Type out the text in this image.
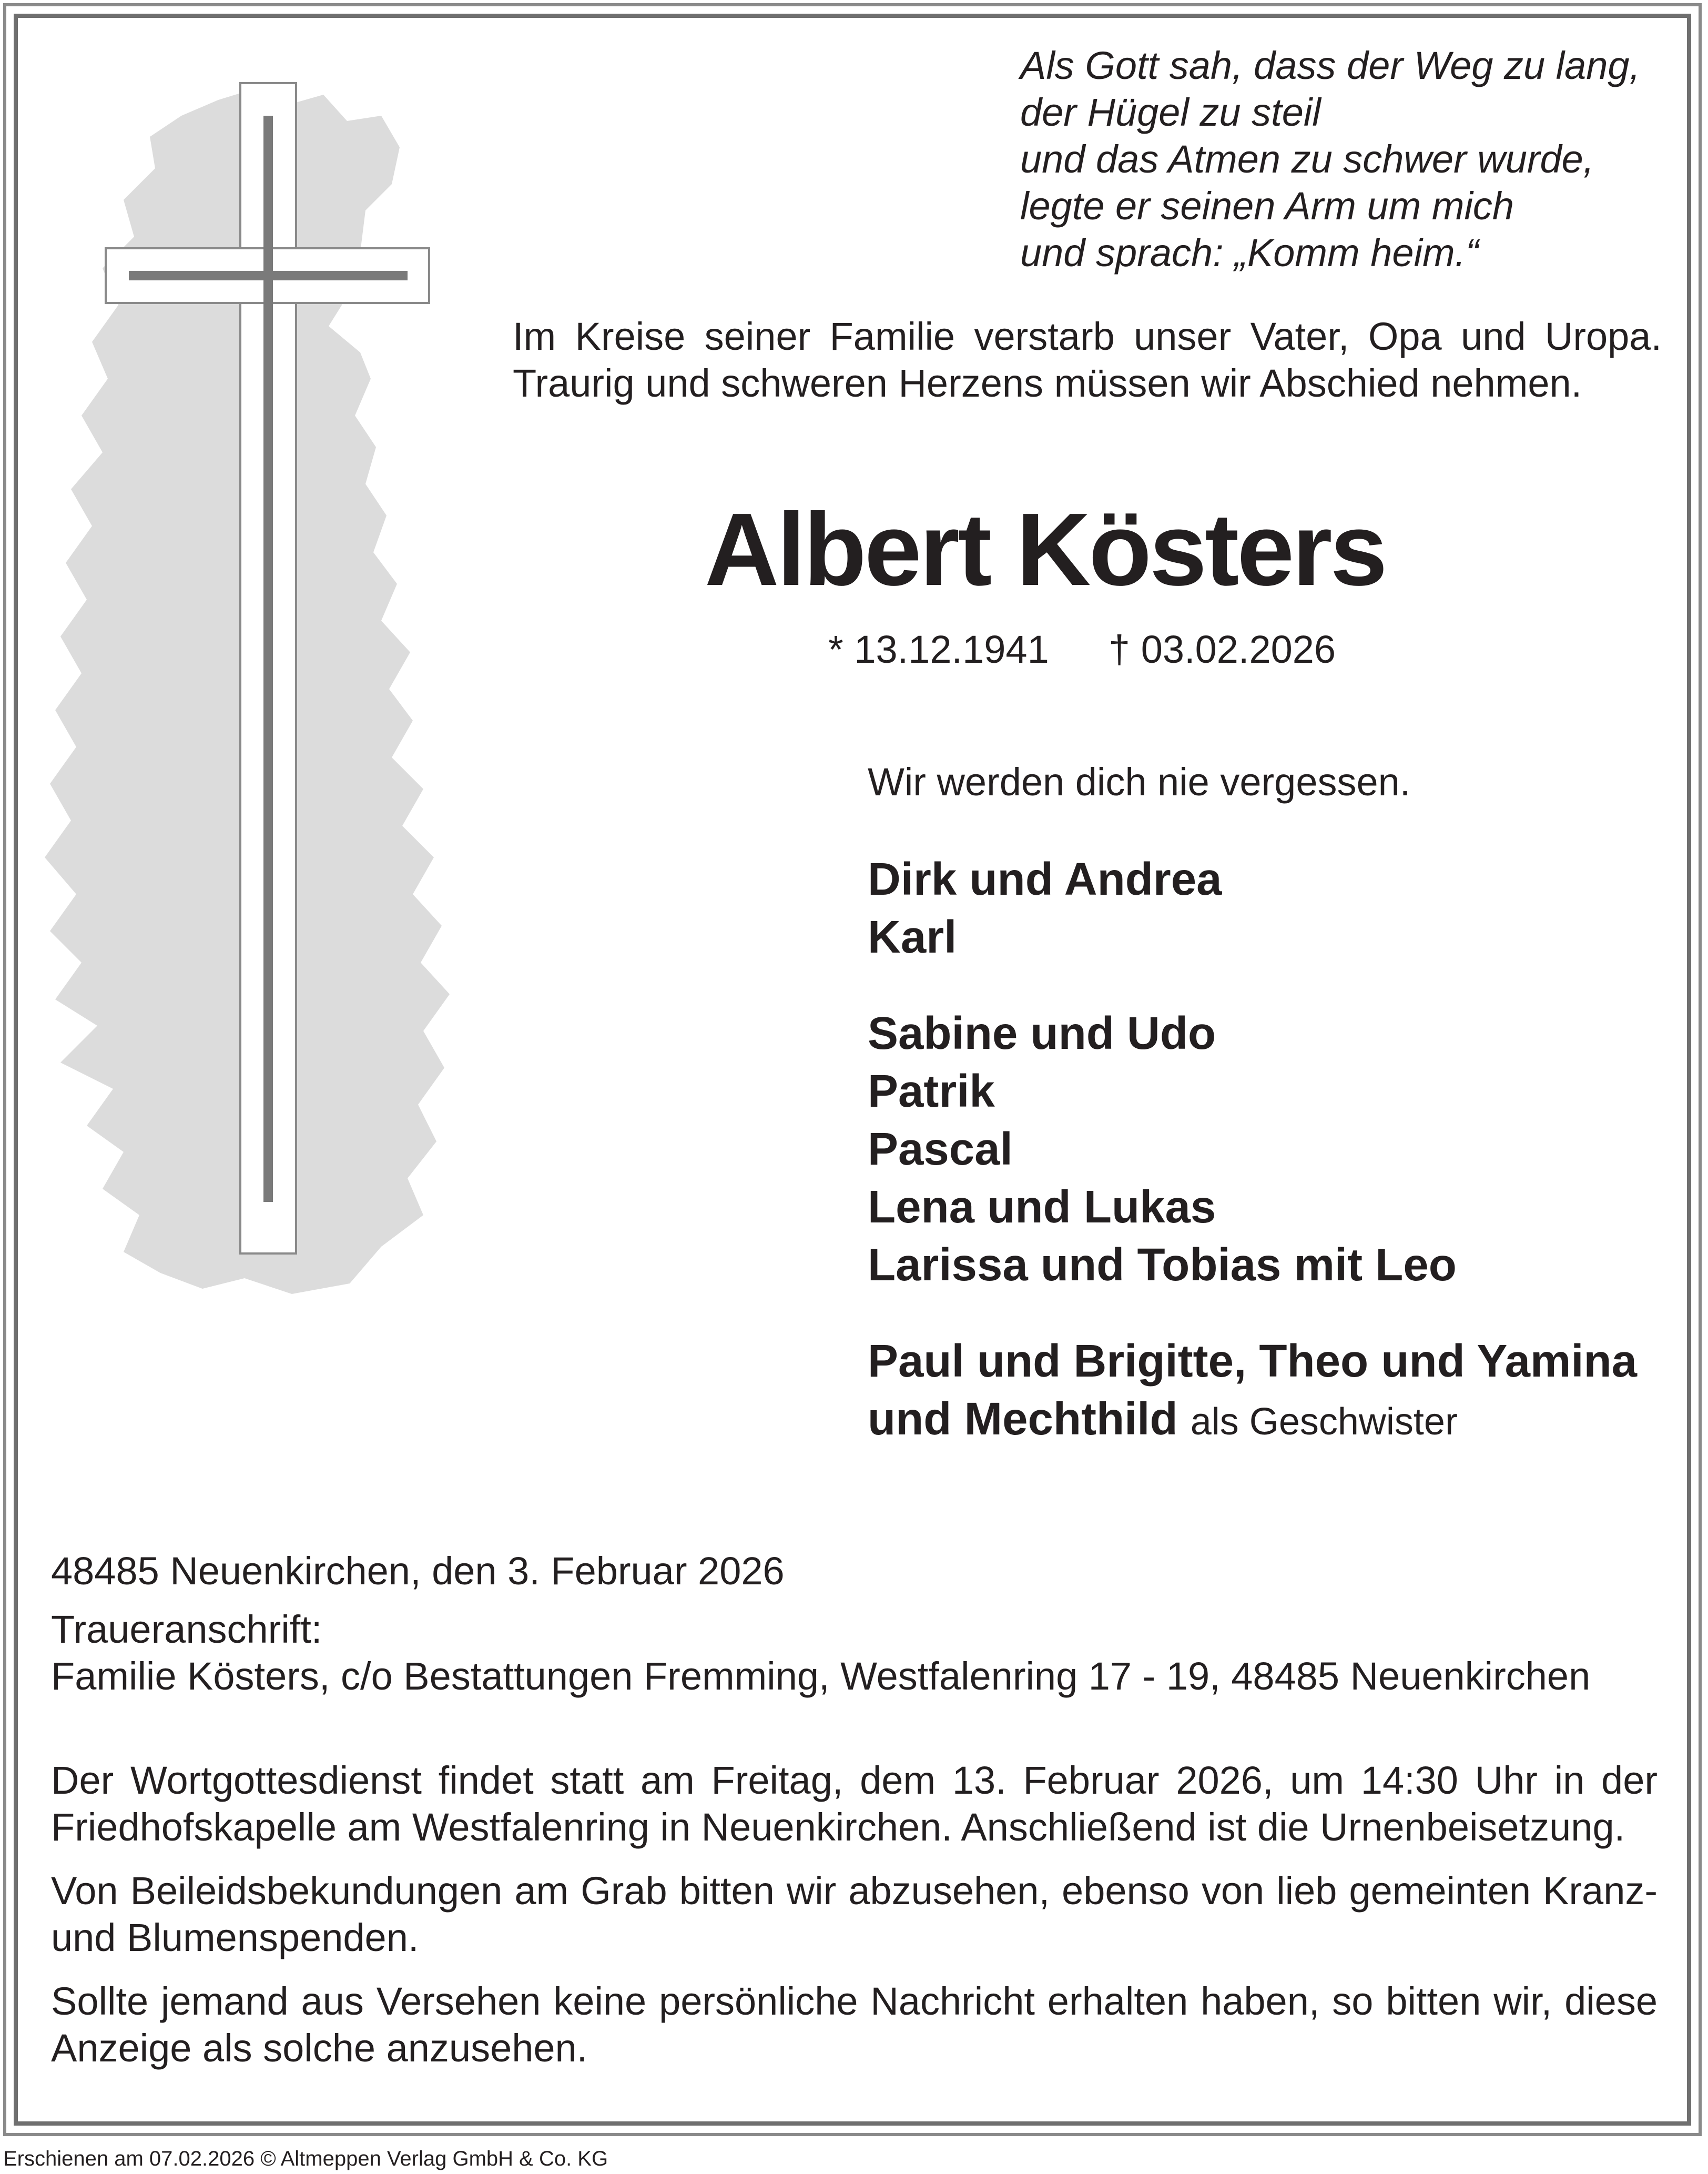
Als Gott sah, dass der Weg zu lang,
der Hügel zu steil
und das Atmen zu schwer wurde,
legte er seinen Arm um mich
und sprach: „Komm heim.“
Im Kreise seiner Familie verstarb unser Vater, Opa und Uropa.
Traurig und schweren Herzens müssen wir Abschied nehmen.
Albert Kösters
* 13.12.1941 † 03.02.2026
Wir werden dich nie vergessen.
Dirk und Andrea
Karl
Sabine und Udo
Patrik
Pascal
Lena und Lukas
Larissa und Tobias mit Leo
Paul und Brigitte, Theo und Yamina
und Mechthild als Geschwister
48485 Neuenkirchen, den 3. Februar 2026
Traueranschrift:
Familie Kösters, c/o Bestattungen Fremming, Westfalenring 17 - 19, 48485 Neuenkirchen
Der Wortgottesdienst findet statt am Freitag, dem 13. Februar 2026, um 14:30 Uhr in der Friedhofskapelle am Westfalenring in Neuenkirchen. Anschließend ist die Urnenbeisetzung.
Von Beileidsbekundungen am Grab bitten wir abzusehen, ebenso von lieb gemeinten Kranz- und Blumenspenden.
Sollte jemand aus Versehen keine persönliche Nachricht erhalten haben, so bitten wir, diese Anzeige als solche anzusehen.
Erschienen am 07.02.2026 © Altmeppen Verlag GmbH & Co. KG
